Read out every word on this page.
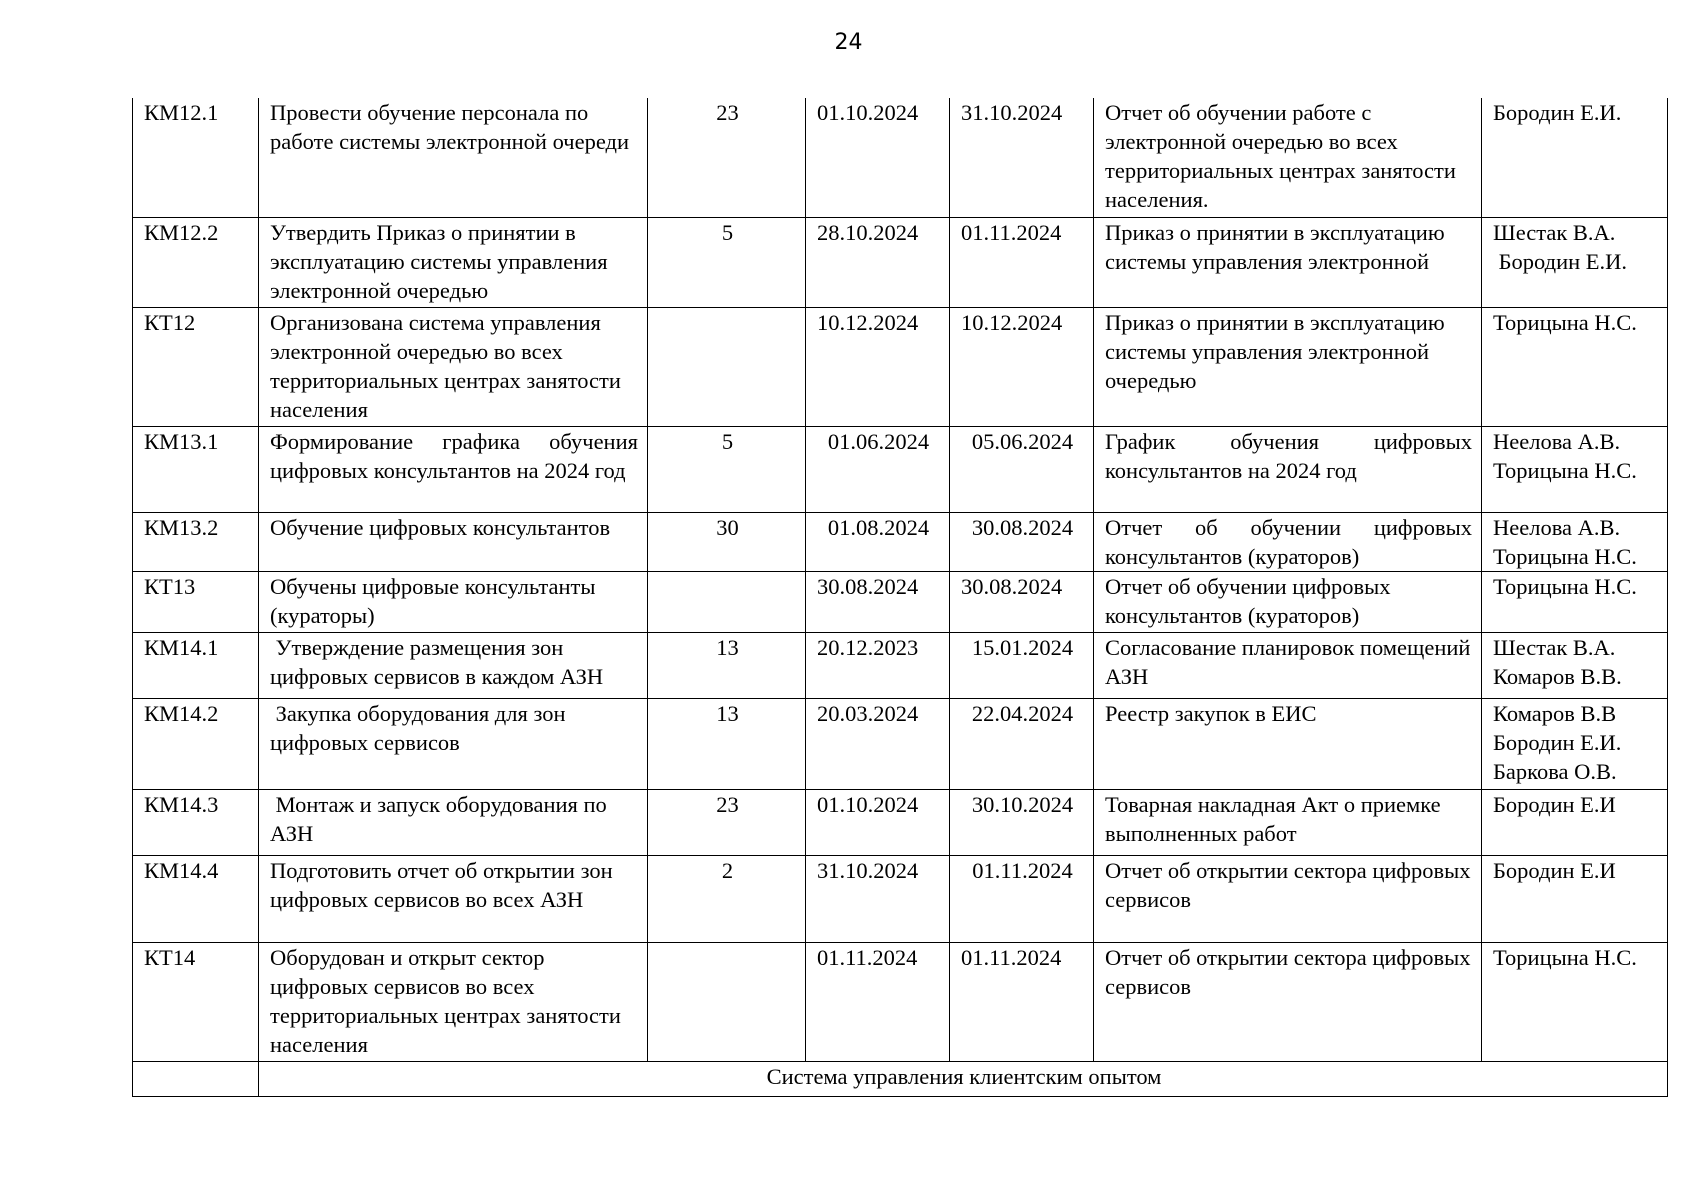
24
КМ12.1	Провести обучение персонала по работе системы электронной очереди	23	01.10.2024	31.10.2024	Отчет об обучении работе с электронной очередью во всех территориальных центрах занятости населения.	Бородин Е.И.

КМ12.2	Утвердить Приказ о принятии в эксплуатацию системы управления электронной очередью	5	28.10.2024	01.11.2024	Приказ о принятии в эксплуатацию системы управления электронной	Шестак В.А.
Бородин Е.И.

КТ12	Организована система управления электронной очередью во всех территориальных центрах занятости населения		10.12.2024	10.12.2024	Приказ о принятии в эксплуатацию системы управления электронной очередью	Торицына Н.С.

КМ13.1	Формирование графика обучения цифровых консультантов на 2024 год	5	01.06.2024	05.06.2024	График обучения цифровых консультантов на 2024 год	Неелова А.В.
Торицына Н.С.

КМ13.2	Обучение цифровых консультантов	30	01.08.2024	30.08.2024	Отчет об обучении цифровых консультантов (кураторов)	Неелова А.В.
Торицына Н.С.

КТ13	Обучены цифровые консультанты (кураторы)		30.08.2024	30.08.2024	Отчет об обучении цифровых консультантов (кураторов)	Торицына Н.С.

КМ14.1	Утверждение размещения зон цифровых сервисов в каждом АЗН	13	20.12.2023	15.01.2024	Согласование планировок помещений АЗН	Шестак В.А.
Комаров В.В.

КМ14.2	Закупка оборудования для зон цифровых сервисов	13	20.03.2024	22.04.2024	Реестр закупок в ЕИС	Комаров В.В
Бородин Е.И.
Баркова О.В.

КМ14.3	Монтаж и запуск оборудования по АЗН	23	01.10.2024	30.10.2024	Товарная накладная Акт о приемке выполненных работ	Бородин Е.И

КМ14.4	Подготовить отчет об открытии зон цифровых сервисов во всех АЗН	2	31.10.2024	01.11.2024	Отчет об открытии сектора цифровых сервисов	Бородин Е.И

КТ14	Оборудован и открыт сектор цифровых сервисов во всех территориальных центрах занятости населения		01.11.2024	01.11.2024	Отчет об открытии сектора цифровых сервисов	Торицына Н.С.

	Система управления клиентским опытом					
